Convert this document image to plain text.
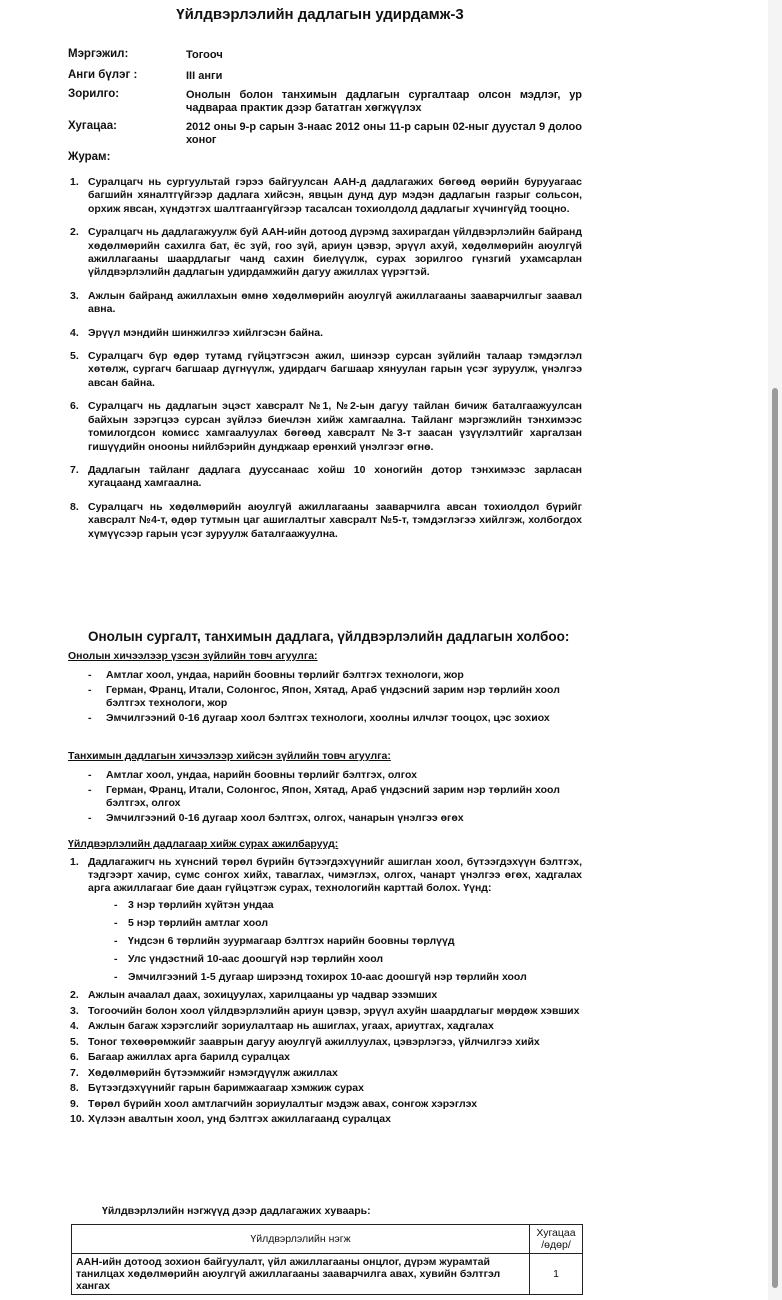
Үйлдвэрлэлийн дадлагын удирдамж-3
Мэргэжил:	Тогооч
Анги бүлэг :	III анги
Зорилго:	Онолын болон танхимын дадлагын сургалтаар олсон мэдлэг, ур чадвараа практик дээр бататган хөгжүүлэх
Хугацаа:	2012 оны 9-р сарын 3-наас 2012 оны 11-р сарын 02-ныг дуустал 9 долоо хоног
Журам:
1. Суралцагч нь сургуультай гэрээ байгуулсан ААН-д дадлагажих бөгөөд өөрийн бурууагаас багшийн хяналтгүйгээр дадлага хийсэн, явцын дунд дур мэдэн дадлагын газрыг сольсон, орхиж явсан, хүндэтгэх шалтгаангүйгээр тасалсан тохиолдолд дадлагыг хүчингүйд тооцно.
2. Суралцагч нь дадлагажуулж буй ААН-ийн дотоод дүрэмд захирагдан үйлдвэрлэлийн байранд хөдөлмөрийн сахилга бат, ёс зүй, гоо зүй, ариун цэвэр, эрүүл ахуй, хөдөлмөрийн аюулгүй ажиллагааны шаардлагыг чанд сахин биелүүлж, сурах зорилгоо гүнзгий ухамсарлан үйлдвэрлэлийн дадлагын удирдамжийн дагуу ажиллах үүрэгтэй.
3. Ажлын байранд ажиллахын өмнө хөдөлмөрийн аюулгүй ажиллагааны зааварчилгыг заавал авна.
4. Эрүүл мэндийн шинжилгээ хийлгэсэн байна.
5. Суралцагч бүр өдөр тутамд гүйцэтгэсэн ажил, шинээр сурсан зүйлийн талаар тэмдэглэл хөтөлж, сургагч багшаар дүгнүүлж, удирдагч багшаар хянуулан гарын үсэг зуруулж, үнэлгээ авсан байна.
6. Суралцагч нь дадлагын эцэст хавсралт №1, №2-ын дагуу тайлан бичиж баталгаажуулсан байхын зэрэгцээ сурсан зүйлээ биечлэн хийж хамгаална. Тайланг мэргэжлийн тэнхимээс томилогдсон комисс хамгаалуулах бөгөөд хавсралт №3-т заасан үзүүлэлтийг харгалзан гишүүдийн онооны нийлбэрийн дунджаар ерөнхий үнэлгээг өгнө.
7. Дадлагын тайланг дадлага дууссанаас хойш 10 хоногийн дотор тэнхимээс зарласан хугацаанд хамгаална.
8. Суралцагч нь хөдөлмөрийн аюулгүй ажиллагааны зааварчилга авсан тохиолдол бүрийг хавсралт №4-т, өдөр тутмын цаг ашиглалтыг хавсралт №5-т, тэмдэглэгээ хийлгэж, холбогдох хүмүүсээр гарын үсэг зуруулж баталгаажуулна.
Онолын сургалт, танхимын дадлага, үйлдвэрлэлийн дадлагын холбоо:
Онолын хичээлээр үзсэн зүйлийн товч агуулга:
- Амтлаг хоол, ундаа, нарийн боовны төрлийг бэлтгэх технологи, жор
- Герман, Франц, Итали, Солонгос, Япон, Хятад, Араб үндэсний зарим нэр төрлийн хоол бэлтгэх технологи, жор
- Эмчилгээний 0-16 дугаар хоол бэлтгэх технологи, хоолны илчлэг тооцох, цэс зохиох
Танхимын дадлагын хичээлээр хийсэн зүйлийн товч агуулга:
- Амтлаг хоол, ундаа, нарийн боовны төрлийг бэлтгэх, олгох
- Герман, Франц, Итали, Солонгос, Япон, Хятад, Араб үндэсний зарим нэр төрлийн хоол бэлтгэх, олгох
- Эмчилгээний 0-16 дугаар хоол бэлтгэх, олгох, чанарын үнэлгээ өгөх
Үйлдвэрлэлийн дадлагаар хийж сурах ажилбарууд:
1. Дадлагажигч нь хүнсний төрөл бүрийн бүтээгдэхүүнийг ашиглан хоол, бүтээгдэхүүн бэлтгэх, тэдгээрт хачир, сүмс сонгох хийх, таваглах, чимэглэх, олгох, чанарт үнэлгээ өгөх, хадгалах арга ажиллагааг бие даан гүйцэтгэж сурах, технологийн карттай болох. Үүнд:
- 3 нэр төрлийн хүйтэн ундаа
- 5 нэр төрлийн амтлаг хоол
- Үндсэн 6 төрлийн зуурмагаар бэлтгэх нарийн боовны төрлүүд
- Улс үндэстний 10-аас доошгүй нэр төрлийн хоол
- Эмчилгээний 1-5 дугаар ширээнд тохирох 10-аас доошгүй нэр төрлийн хоол
2. Ажлын ачаалал даах, зохицуулах, харилцааны ур чадвар эзэмших
3. Тогоочийн болон хоол үйлдвэрлэлийн ариун цэвэр, эрүүл ахуйн шаардлагыг мөрдөж хэвших
4. Ажлын багаж хэрэгслийг зориулалтаар нь ашиглах, угаах, ариутгах, хадгалах
5. Тоног төхөөрөмжийг зааврын дагуу аюулгүй ажиллуулах, цэвэрлэгээ, үйлчилгээ хийх
6. Багаар ажиллах арга барилд суралцах
7. Хөдөлмөрийн бүтээмжийг нэмэгдүүлж ажиллах
8. Бүтээгдэхүүнийг гарын баримжаагаар хэмжиж сурах
9. Төрөл бүрийн хоол амтлагчийн зориулалтыг мэдэж авах, сонгож хэрэглэх
10. Хүлээн авалтын хоол, унд бэлтгэх ажиллагаанд суралцах
Үйлдвэрлэлийн нэгжүүд дээр дадлагажих хуваарь:
Үйлдвэрлэлийн нэгж	Хугацаа /өдөр/
ААН-ийн дотоод зохион байгуулалт, үйл ажиллагааны онцлог, дүрэм журамтай танилцах хөдөлмөрийн аюулгүй ажиллагааны зааварчилга авах, хувийн бэлтгэл хангах	1
